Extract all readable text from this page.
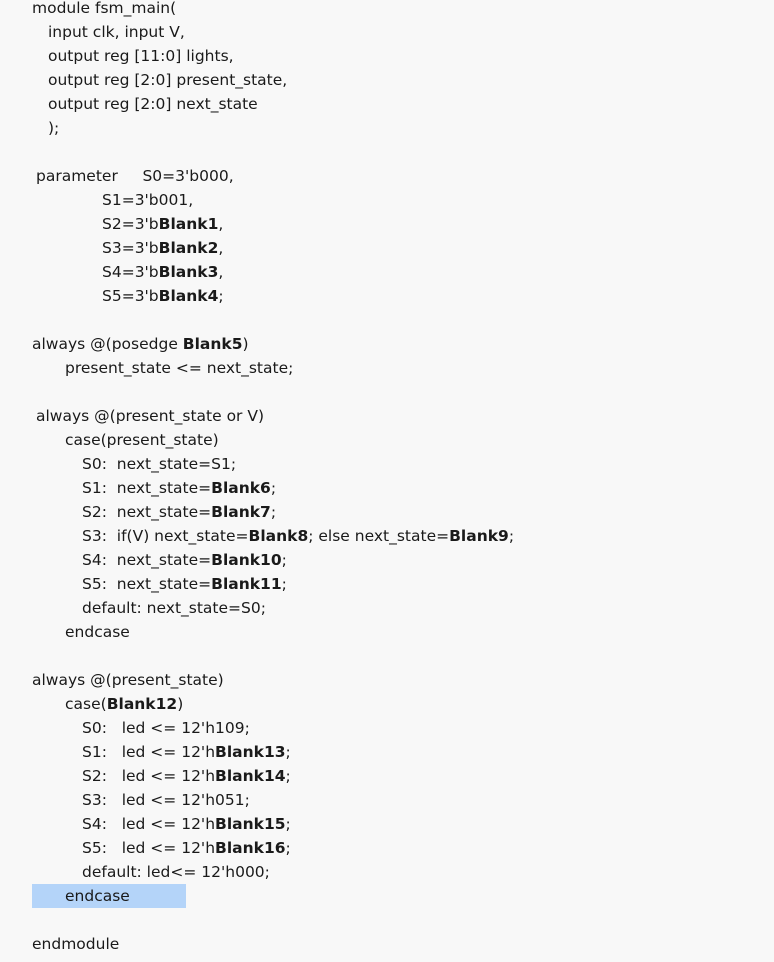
module fsm_main(
input clk, input V,
output reg [11:0] lights,
output reg [2:0] present_state,
output reg [2:0] next_state
);
parameter     S0=3'b000,
S1=3'b001,
S2=3'bBlank1,
S3=3'bBlank2,
S4=3'bBlank3,
S5=3'bBlank4;
always @(posedge Blank5)
present_state <= next_state;
always @(present_state or V)
case(present_state)
S0:  next_state=S1;
S1:  next_state=Blank6;
S2:  next_state=Blank7;
S3:  if(V) next_state=Blank8; else next_state=Blank9;
S4:  next_state=Blank10;
S5:  next_state=Blank11;
default: next_state=S0;
endcase
always @(present_state)
case(Blank12)
S0:   led <= 12'h109;
S1:   led <= 12'hBlank13;
S2:   led <= 12'hBlank14;
S3:   led <= 12'h051;
S4:   led <= 12'hBlank15;
S5:   led <= 12'hBlank16;
default: led<= 12'h000;
endcase
endmodule
